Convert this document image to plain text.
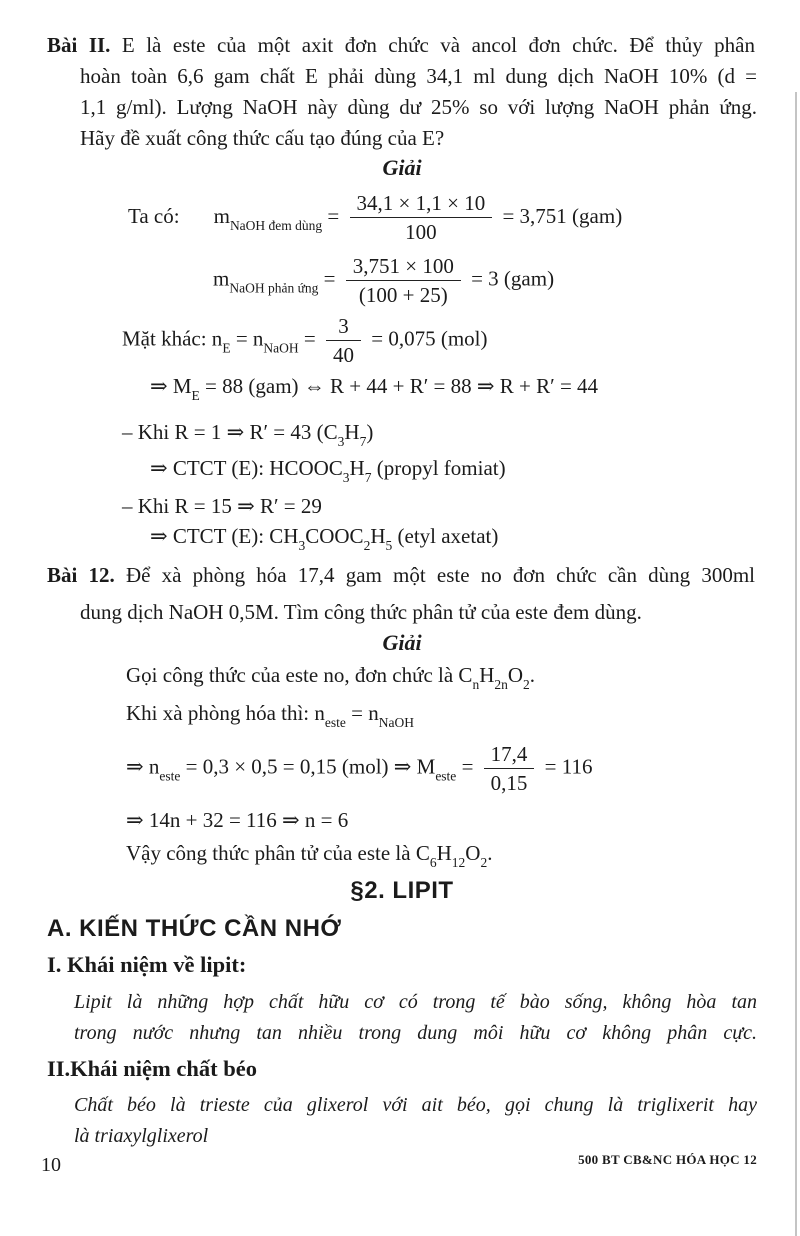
Bài II. E là este của một axit đơn chức và ancol đơn chức. Để thủy phân
hoàn toàn 6,6 gam chất E phải dùng 34,1 ml dung dịch NaOH 10% (d =
1,1 g/ml). Lượng NaOH này dùng dư 25% so với lượng NaOH phản ứng.
Hãy đề xuất công thức cấu tạo đúng của E?
Giải
Ta có: $m_{NaOH đem dùng} = \frac{34,1 \times 1,1 \times 10}{100} = 3,751$ (gam)
$m_{NaOH phản ứng} = \frac{3,751 \times 100}{(100 + 25)} = 3$ (gam)
Mặt khác: $n_E = n_{NaOH} = \frac{3}{40} = 0,075$ (mol)
⇒ $M_E = 88$ (gam) ⇔ R + 44 + R′ = 88 ⇒ R + R′ = 44
– Khi R = 1 ⇒ R′ = 43 $(C_3H_7)$
⇒ CTCT (E): $HCOOC_3H_7$ (propyl fomiat)
– Khi R = 15 ⇒ R′ = 29
⇒ CTCT (E): $CH_3COOC_2H_5$ (etyl axetat)
Bài 12. Để xà phòng hóa 17,4 gam một este no đơn chức cần dùng 300ml
dung dịch NaOH 0,5M. Tìm công thức phân tử của este đem dùng.
Giải
Gọi công thức của este no, đơn chức là $C_nH_{2n}O_2$.
Khi xà phòng hóa thì: $n_{este} = n_{NaOH}$
⇒ $n_{este} = 0,3 \times 0,5 = 0,15$ (mol) ⇒ $M_{este} = \frac{17,4}{0,15} = 116$
⇒ 14n + 32 = 116 ⇒ n = 6
Vậy công thức phân tử của este là $C_6H_{12}O_2$.
§2. LIPIT
A. KIẾN THỨC CẦN NHỚ
I. Khái niệm về lipit:
Lipit là những hợp chất hữu cơ có trong tế bào sống, không hòa tan
trong nước nhưng tan nhiều trong dung môi hữu cơ không phân cực.
II.Khái niệm chất béo
Chất béo là trieste của glixerol với ait béo, gọi chung là triglixerit hay
là triaxylglixerol
10	500 BT CB&NC HÓA HỌC 12
